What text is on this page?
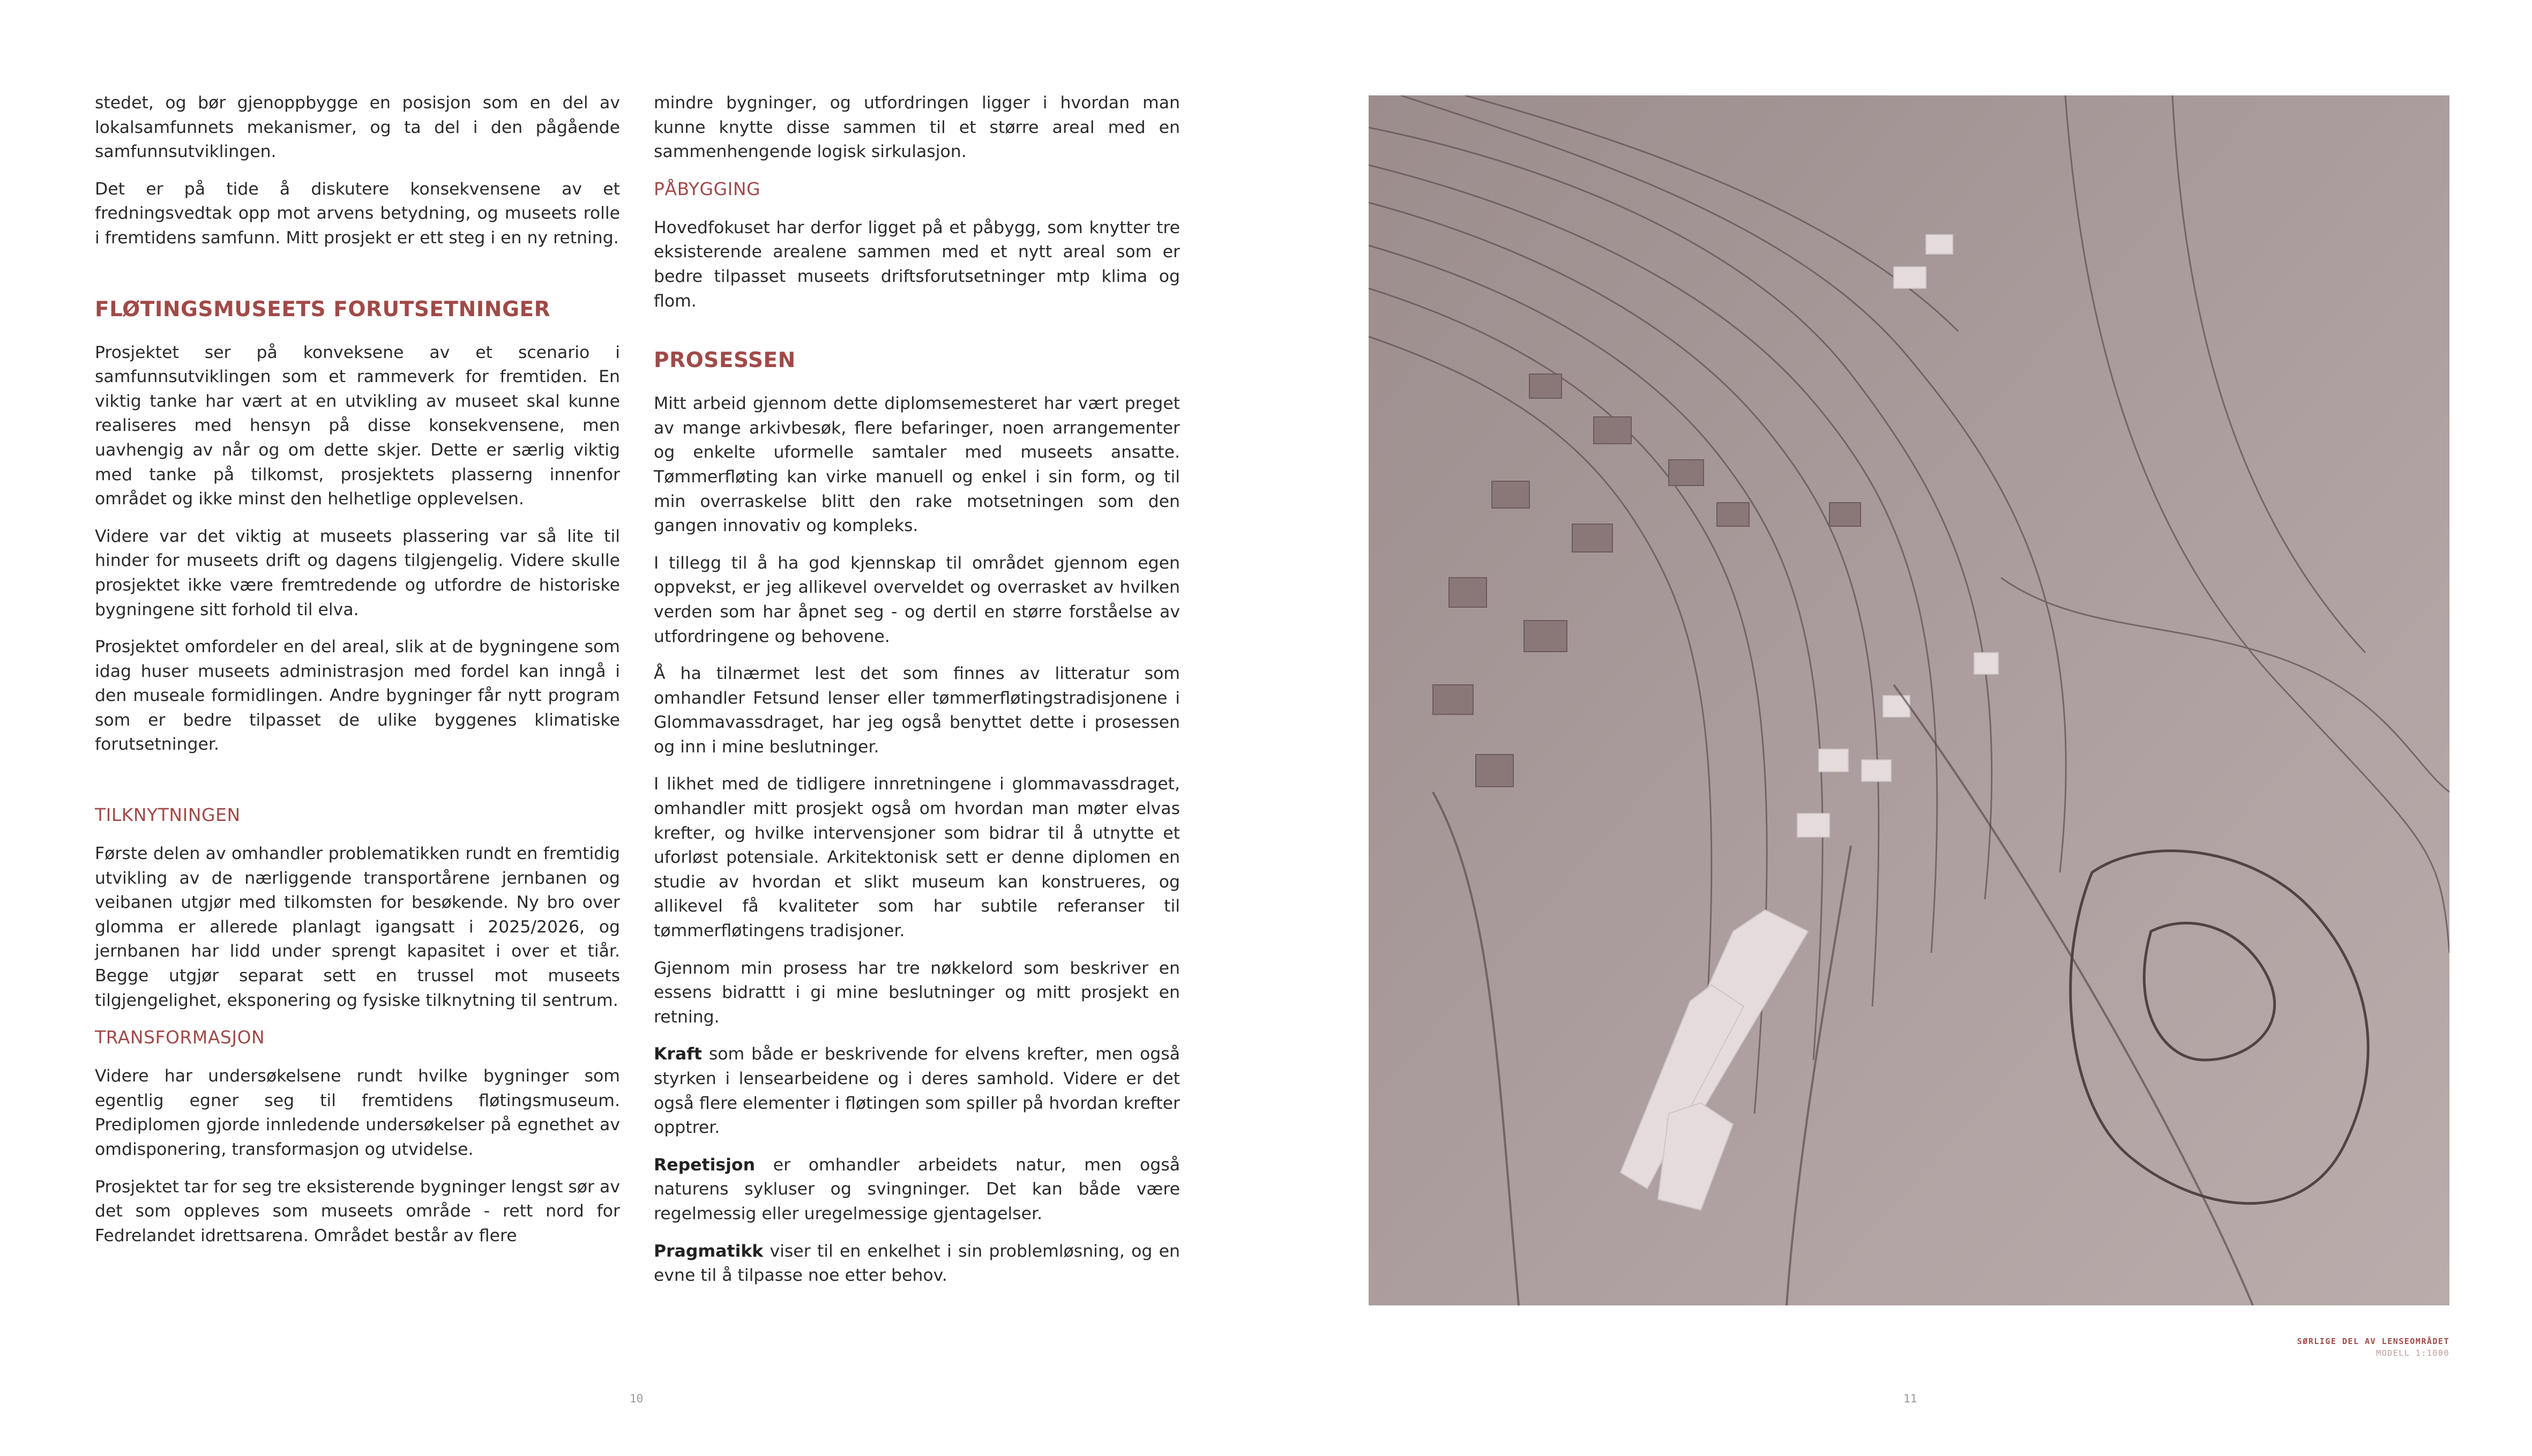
stedet, og bør gjenoppbygge en posisjon som en del av lokalsamfunnets mekanismer, og ta del i den pågående samfunnsutviklingen.

Det er på tide å diskutere konsekvensene av et fredningsvedtak opp mot arvens betydning, og museets rolle i fremtidens samfunn. Mitt prosjekt er ett steg i en ny retning.

FLØTINGSMUSEETS FORUTSETNINGER

Prosjektet ser på konveksene av et scenario i samfunnsutviklingen som et rammeverk for fremtiden. En viktig tanke har vært at en utvikling av museet skal kunne realiseres med hensyn på disse konsekvensene, men uavhengig av når og om dette skjer. Dette er særlig viktig med tanke på tilkomst, prosjektets plasserng innenfor området og ikke minst den helhetlige opplevelsen.

Videre var det viktig at museets plassering var så lite til hinder for museets drift og dagens tilgjengelig. Videre skulle prosjektet ikke være fremtredende og utfordre de historiske bygningene sitt forhold til elva.

Prosjektet omfordeler en del areal, slik at de bygningene som idag huser museets administrasjon med fordel kan inngå i den museale formidlingen. Andre bygninger får nytt program som er bedre tilpasset de ulike byggenes klimatiske forutsetninger.

TILKNYTNINGEN

Første delen av omhandler problematikken rundt en fremtidig utvikling av de nærliggende transportårene jernbanen og veibanen utgjør med tilkomsten for besøkende. Ny bro over glomma er allerede planlagt igangsatt i 2025/2026, og jernbanen har lidd under sprengt kapasitet i over et tiår. Begge utgjør separat sett en trussel mot museets tilgjengelighet, eksponering og fysiske tilknytning til sentrum.

TRANSFORMASJON

Videre har undersøkelsene rundt hvilke bygninger som egentlig egner seg til fremtidens fløtingsmuseum. Prediplomen gjorde innledende undersøkelser på egnethet av omdisponering, transformasjon og utvidelse.

Prosjektet tar for seg tre eksisterende bygninger lengst sør av det som oppleves som museets område - rett nord for Fedrelandet idrettsarena. Området består av flere

mindre bygninger, og utfordringen ligger i hvordan man kunne knytte disse sammen til et større areal med en sammenhengende logisk sirkulasjon.

PÅBYGGING

Hovedfokuset har derfor ligget på et påbygg, som knytter tre eksisterende arealene sammen med et nytt areal som er bedre tilpasset museets driftsforutsetninger mtp klima og flom.

PROSESSEN

Mitt arbeid gjennom dette diplomsemesteret har vært preget av mange arkivbesøk, flere befaringer, noen arrangementer og enkelte uformelle samtaler med museets ansatte. Tømmerfløting kan virke manuell og enkel i sin form, og til min overraskelse blitt den rake motsetningen som den gangen innovativ og kompleks.

I tillegg til å ha god kjennskap til området gjennom egen oppvekst, er jeg allikevel overveldet og overrasket av hvilken verden som har åpnet seg - og dertil en større forståelse av utfordringene og behovene.

Å ha tilnærmet lest det som finnes av litteratur som omhandler Fetsund lenser eller tømmerfløtingstradisjonene i Glommavassdraget, har jeg også benyttet dette i prosessen og inn i mine beslutninger.

I likhet med de tidligere innretningene i glommavassdraget, omhandler mitt prosjekt også om hvordan man møter elvas krefter, og hvilke intervensjoner som bidrar til å utnytte et uforløst potensiale. Arkitektonisk sett er denne diplomen en studie av hvordan et slikt museum kan konstrueres, og allikevel få kvaliteter som har subtile referanser til tømmerfløtingens tradisjoner.

Gjennom min prosess har tre nøkkelord som beskriver en essens bidrattt i gi mine beslutninger og mitt prosjekt en retning.

Kraft som både er beskrivende for elvens krefter, men også styrken i lensearbeidene og i deres samhold. Videre er det også flere elementer i fløtingen som spiller på hvordan krefter opptrer.

Repetisjon er omhandler arbeidets natur, men også naturens sykluser og svingninger. Det kan både være regelmessig eller uregelmessige gjentagelser.

Pragmatikk viser til en enkelhet i sin problemløsning, og en evne til å tilpasse noe etter behov.

10
SØRLIGE DEL AV LENSEOMRÅDET
MODELL 1:1000
11
